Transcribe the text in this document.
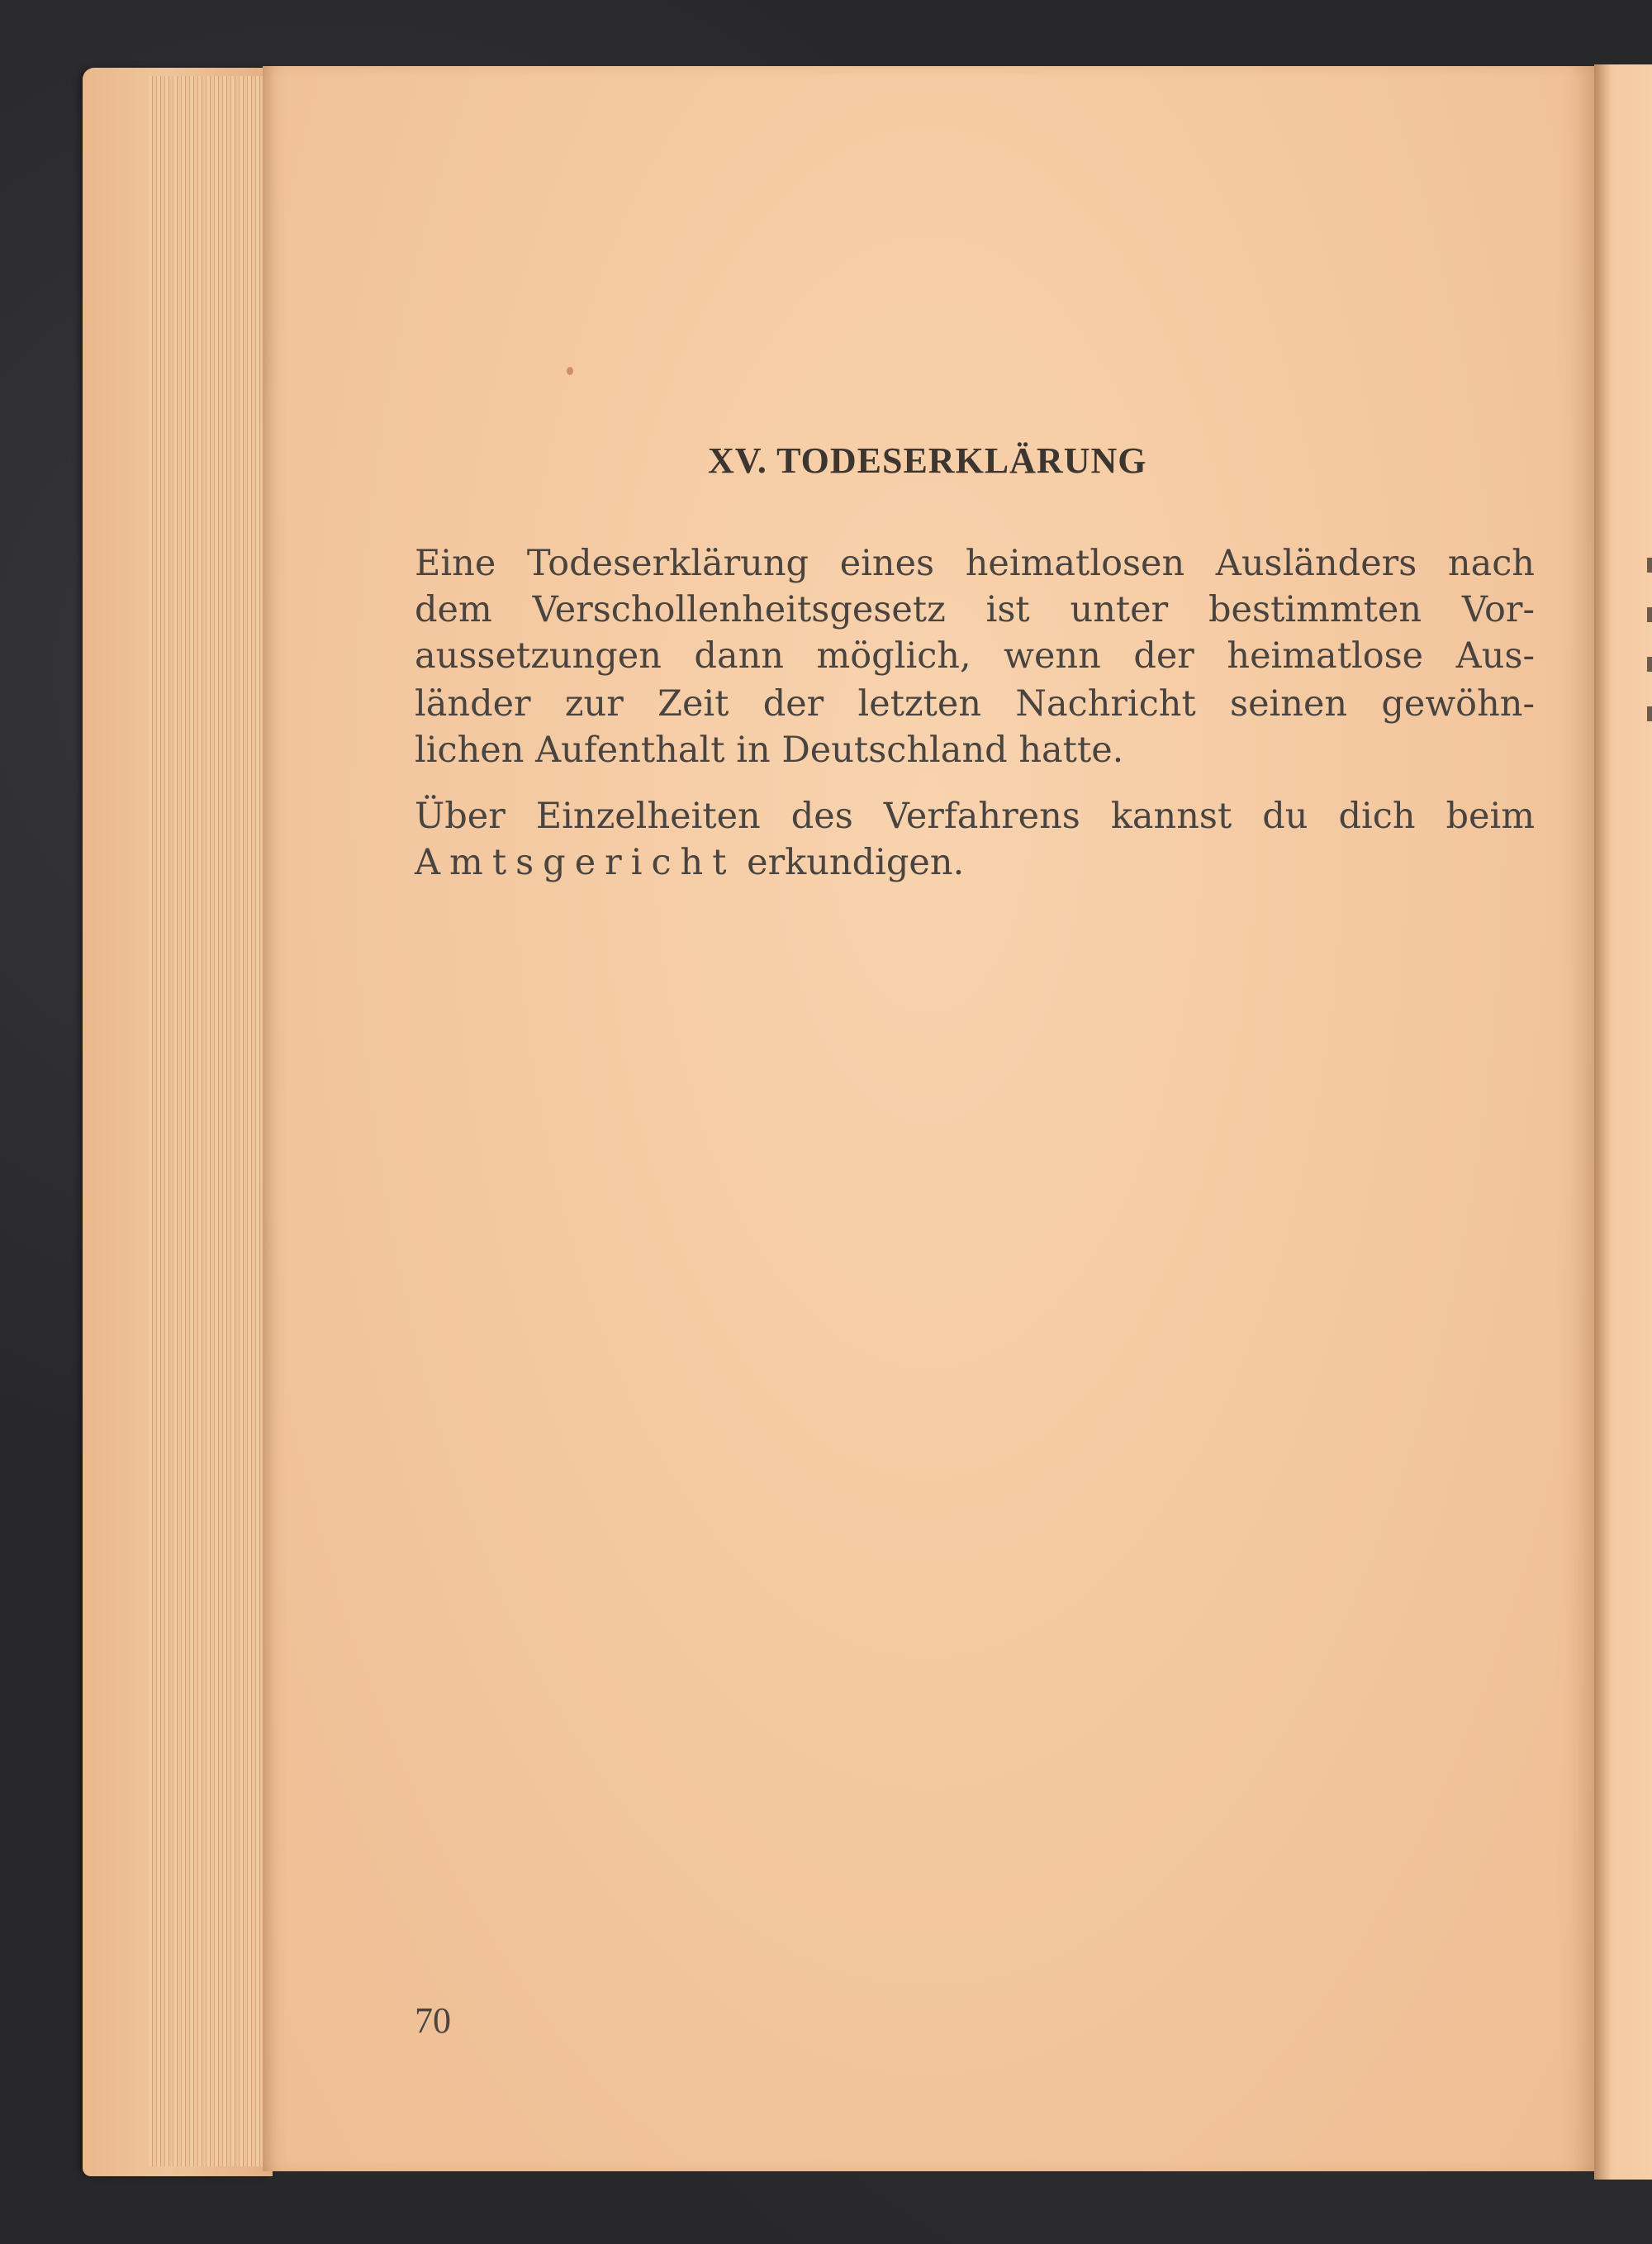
XV. TODESERKLÄRUNG

Eine Todeserklärung eines heimatlosen Ausländers nach

dem Verschollenheitsgesetz ist unter bestimmten Vor-

aussetzungen dann möglich, wenn der heimatlose Aus-

länder zur Zeit der letzten Nachricht seinen gewöhn-

lichen Aufenthalt in Deutschland hatte.

Über Einzelheiten des Verfahrens kannst du dich beim

Amtsgericht erkundigen.

70
